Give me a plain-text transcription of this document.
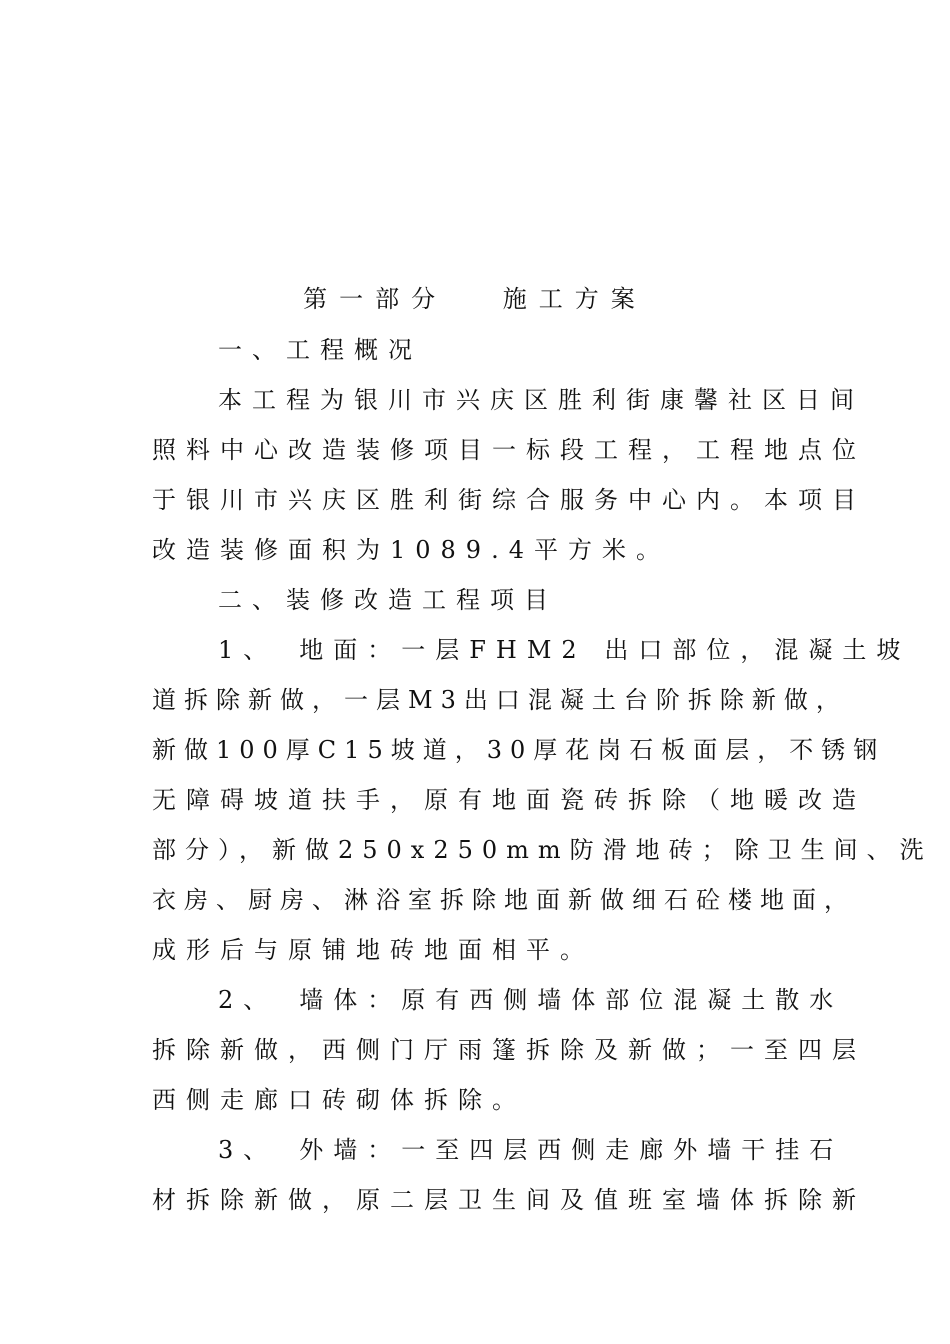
第一部分　 施工方案
一、工程概况
本工程为银川市兴庆区胜利街康馨社区日间
照料中心改造装修项目一标段工程，工程地点位
于银川市兴庆区胜利街综合服务中心内。本项目
改造装修面积为1089.4平方米。
二、装修改造工程项目
1、　地面：一层FHM2 出口部位，混凝土坡
道拆除新做，一层M3出口混凝土台阶拆除新做，
新做100厚C15坡道，30厚花岗石板面层，不锈钢
无障碍坡道扶手，原有地面瓷砖拆除（地暖改造
部分），新做250x250mm防滑地砖；除卫生间、洗
衣房、厨房、淋浴室拆除地面新做细石砼楼地面，
成形后与原铺地砖地面相平。
2、　墙体：原有西侧墙体部位混凝土散水
拆除新做，西侧门厅雨篷拆除及新做；一至四层
西侧走廊口砖砌体拆除。
3、　外墙：一至四层西侧走廊外墙干挂石
材拆除新做，原二层卫生间及值班室墙体拆除新
